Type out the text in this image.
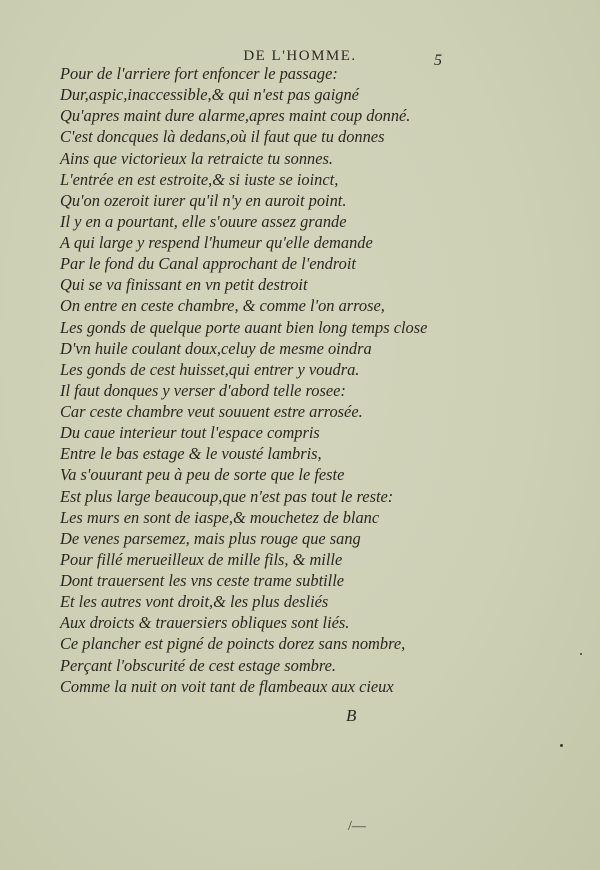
DE L'HOMME.	5
Pour de l'arriere fort enfoncer le passage:
Dur,aspic,inaccessible,& qui n'est pas gaigné
Qu'apres maint dure alarme,apres maint coup donné.
C'est doncques là dedans,où il faut que tu donnes
Ains que victorieux la retraicte tu sonnes.
L'entrée en est estroite,& si iuste se ioinct,
Qu'on ozeroit iurer qu'il n'y en auroit point.
Il y en a pourtant, elle s'ouure assez grande
A qui large y respend l'humeur qu'elle demande
Par le fond du Canal approchant de l'endroit
Qui se va finissant en vn petit destroit
On entre en ceste chambre, & comme l'on arrose,
Les gonds de quelque porte auant bien long temps close
D'vn huile coulant doux,celuy de mesme oindra
Les gonds de cest huisset,qui entrer y voudra.
Il faut donques y verser d'abord telle rosee:
Car ceste chambre veut souuent estre arrosée.
Du caue interieur tout l'espace compris
Entre le bas estage & le vousté lambris,
Va s'ouurant peu à peu de sorte que le feste
Est plus large beaucoup,que n'est pas tout le reste:
Les murs en sont de iaspe,& mouchetez de blanc
De venes parsemez, mais plus rouge que sang
Pour fillé merueilleux de mille fils, & mille
Dont trauersent les vns ceste trame subtille
Et les autres vont droit,& les plus desliés
Aux droicts & trauersiers obliques sont liés.
Ce plancher est pigné de poincts dorez sans nombre,
Perçant l'obscurité de cest estage sombre.
Comme la nuit on voit tant de flambeaux aux cieux
B
/—
